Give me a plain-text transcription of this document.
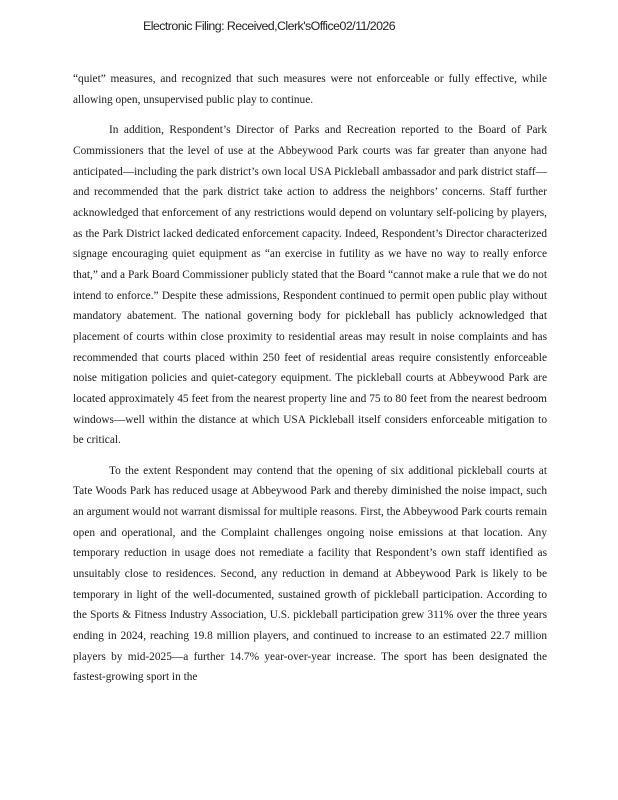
Electronic Filing: Received,Clerk'sOffice02/11/2026

“quiet” measures, and recognized that such measures were not enforceable or fully effective, while allowing open, unsupervised public play to continue.

In addition, Respondent’s Director of Parks and Recreation reported to the Board of Park Commissioners that the level of use at the Abbeywood Park courts was far greater than anyone had anticipated—including the park district’s own local USA Pickleball ambassador and park district staff—and recommended that the park district take action to address the neighbors’ concerns. Staff further acknowledged that enforcement of any restrictions would depend on voluntary self-policing by players, as the Park District lacked dedicated enforcement capacity. Indeed, Respondent’s Director characterized signage encouraging quiet equipment as “an exercise in futility as we have no way to really enforce that,” and a Park Board Commissioner publicly stated that the Board “cannot make a rule that we do not intend to enforce.” Despite these admissions, Respondent continued to permit open public play without mandatory abatement. The national governing body for pickleball has publicly acknowledged that placement of courts within close proximity to residential areas may result in noise complaints and has recommended that courts placed within 250 feet of residential areas require consistently enforceable noise mitigation policies and quiet-category equipment. The pickleball courts at Abbeywood Park are located approximately 45 feet from the nearest property line and 75 to 80 feet from the nearest bedroom windows—well within the distance at which USA Pickleball itself considers enforceable mitigation to be critical.

To the extent Respondent may contend that the opening of six additional pickleball courts at Tate Woods Park has reduced usage at Abbeywood Park and thereby diminished the noise impact, such an argument would not warrant dismissal for multiple reasons. First, the Abbeywood Park courts remain open and operational, and the Complaint challenges ongoing noise emissions at that location. Any temporary reduction in usage does not remediate a facility that Respondent’s own staff identified as unsuitably close to residences. Second, any reduction in demand at Abbeywood Park is likely to be temporary in light of the well-documented, sustained growth of pickleball participation. According to the Sports & Fitness Industry Association, U.S. pickleball participation grew 311% over the three years ending in 2024, reaching 19.8 million players, and continued to increase to an estimated 22.7 million players by mid-2025—a further 14.7% year-over-year increase. The sport has been designated the fastest-growing sport in the
